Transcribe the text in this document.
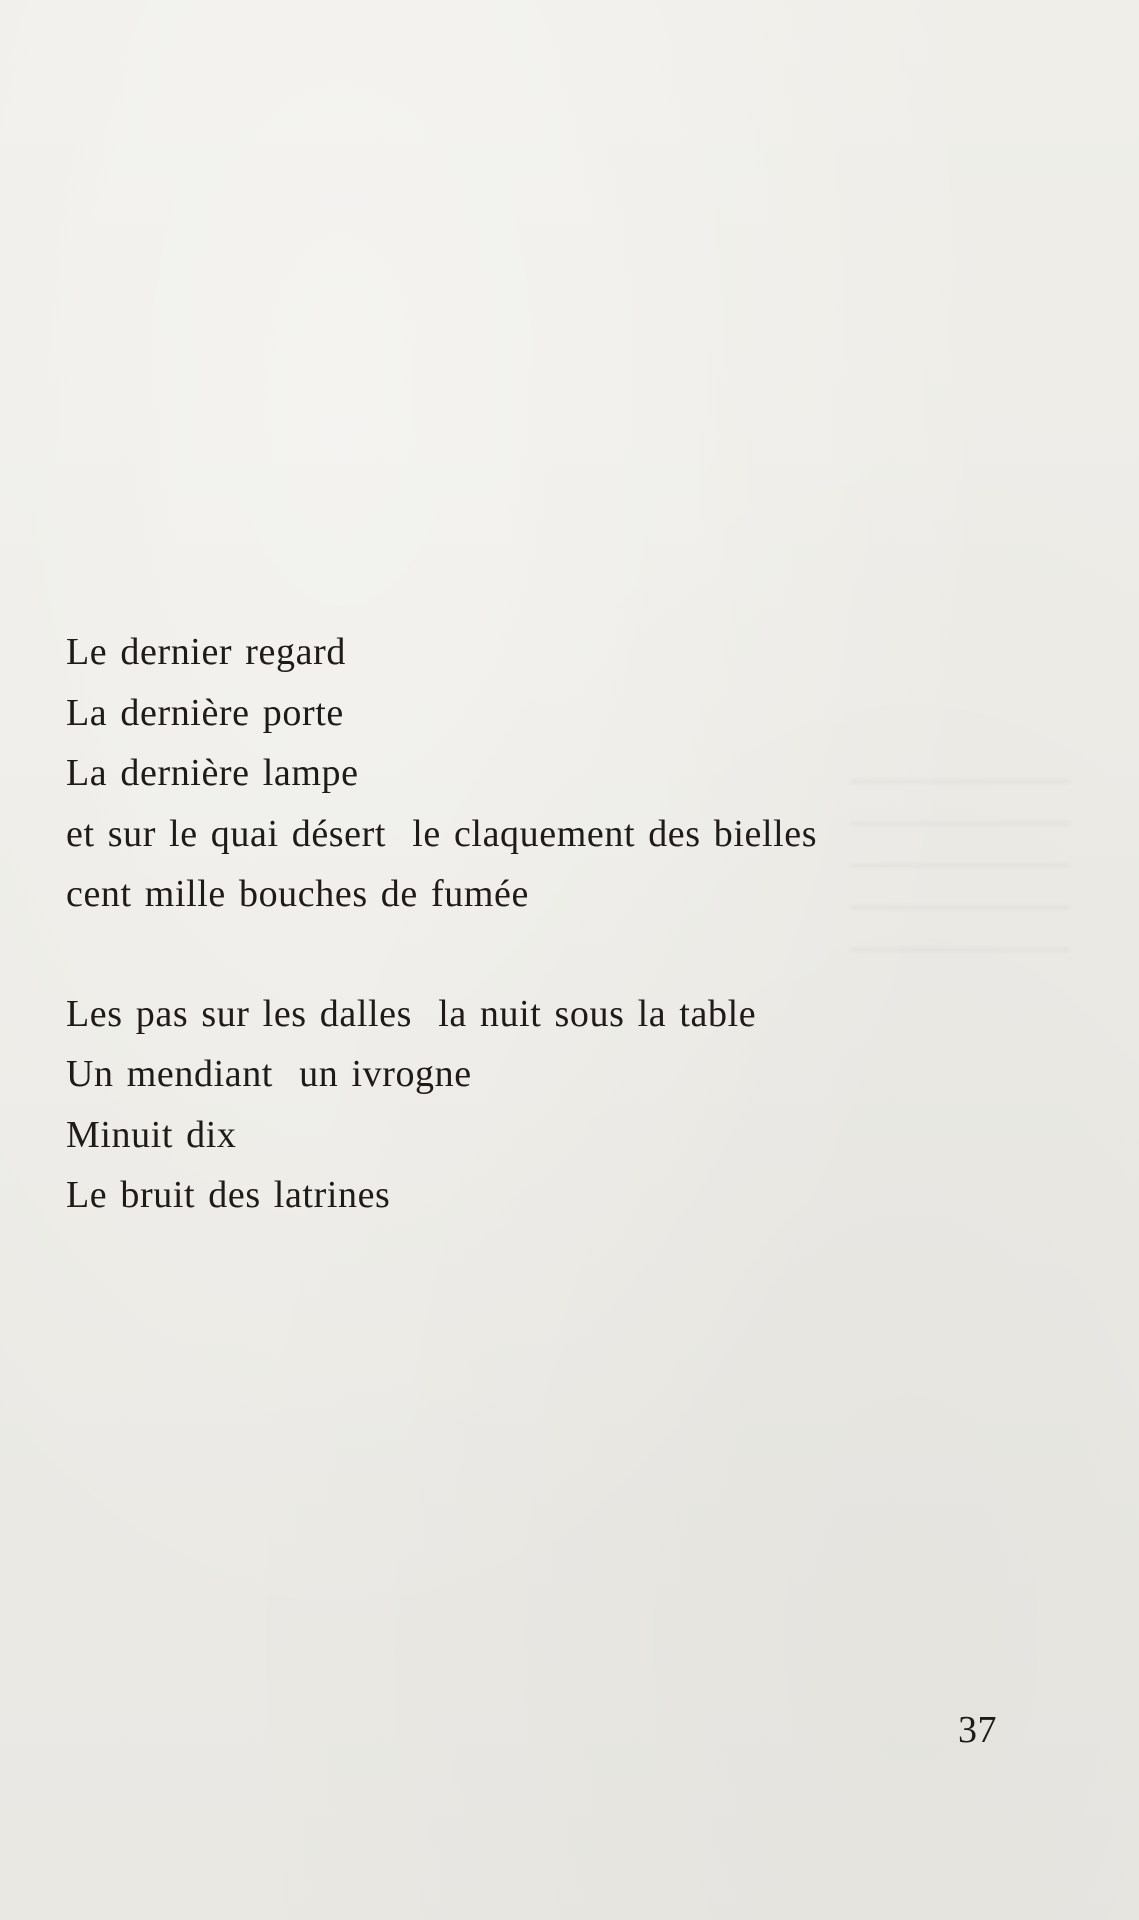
Le dernier regard
La dernière porte
La dernière lampe
et sur le quai désert  le claquement des bielles
cent mille bouches de fumée
Les pas sur les dalles  la nuit sous la table
Un mendiant  un ivrogne
Minuit dix
Le bruit des latrines
37
